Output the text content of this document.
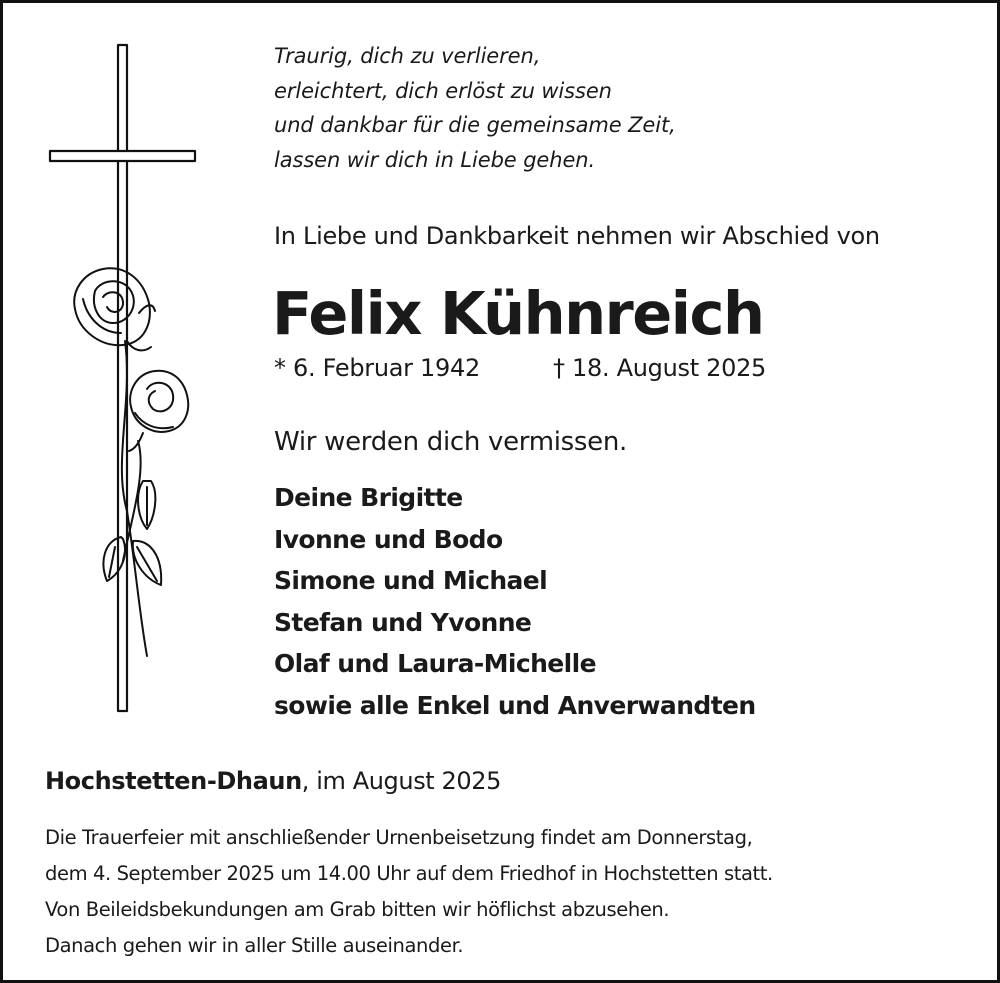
Traurig, dich zu verlieren,
erleichtert, dich erlöst zu wissen
und dankbar für die gemeinsame Zeit,
lassen wir dich in Liebe gehen.
In Liebe und Dankbarkeit nehmen wir Abschied von
Felix Kühnreich
* 6. Februar 1942	† 18. August 2025
Wir werden dich vermissen.
Deine Brigitte
Ivonne und Bodo
Simone und Michael
Stefan und Yvonne
Olaf und Laura-Michelle
sowie alle Enkel und Anverwandten
Hochstetten-Dhaun, im August 2025
Die Trauerfeier mit anschließender Urnenbeisetzung findet am Donnerstag,
dem 4. September 2025 um 14.00 Uhr auf dem Friedhof in Hochstetten statt.
Von Beileidsbekundungen am Grab bitten wir höflichst abzusehen.
Danach gehen wir in aller Stille auseinander.
